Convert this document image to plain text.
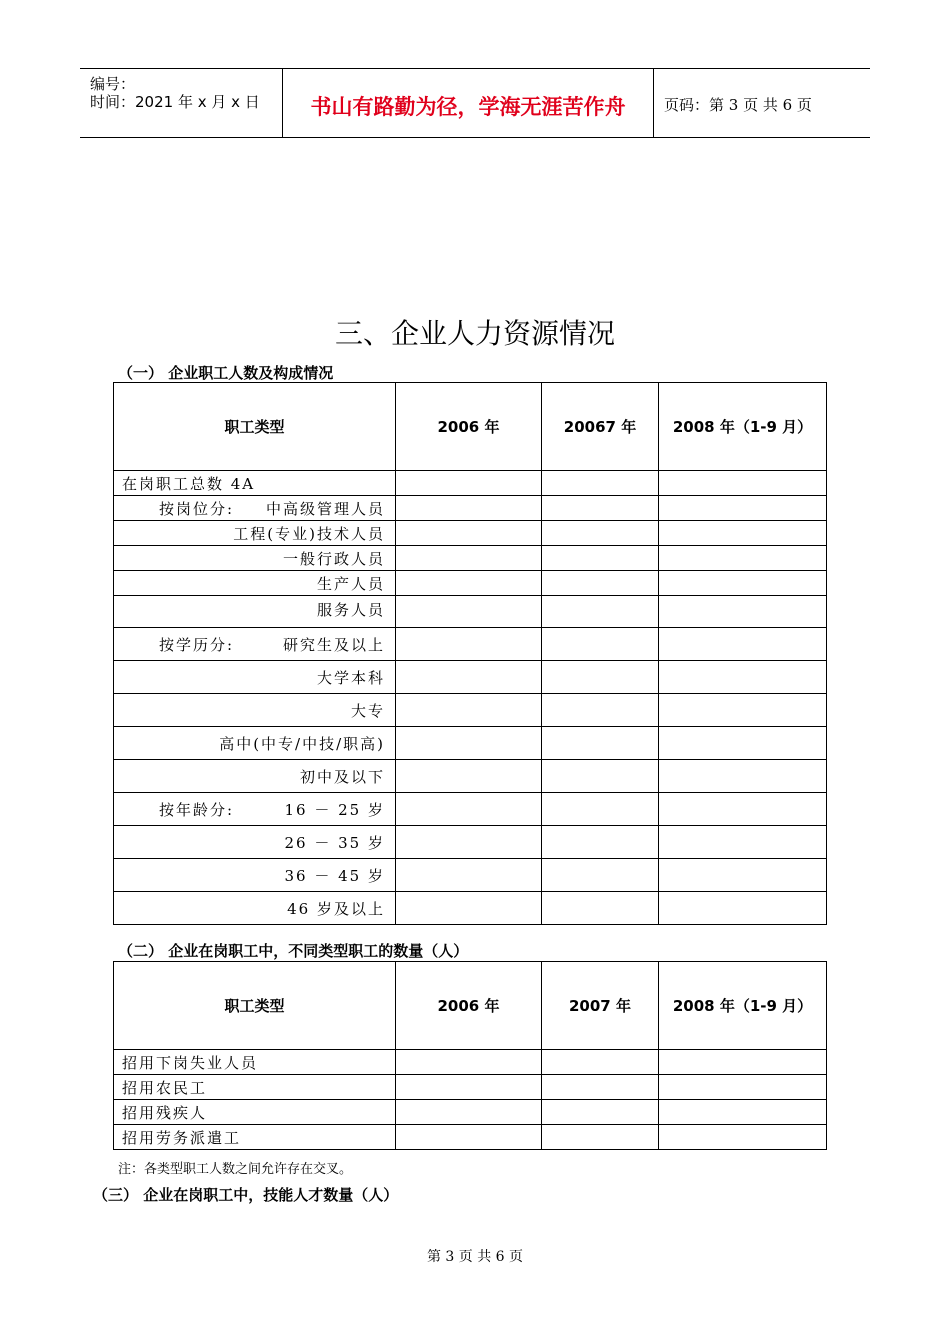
编号：
时间：2021 年 x 月 x 日	书山有路勤为径，学海无涯苦作舟	页码：第 3 页 共 6 页
三、企业人力资源情况
（一） 企业职工人数及构成情况
职工类型	2006 年	20067 年	2008 年（1-9 月）
在岗职工总数 4A			

按岗位分: 中高级管理人员			
工程(专业)技术人员			
一般行政人员			
生产人员			
服务人员			

按学历分: 研究生及以上			
大学本科			
大专			
高中(中专/中技/职高)			
初中及以下			

按年龄分: 16 － 25 岁			
26 － 35 岁			
36 － 45 岁			
46 岁及以上			
（二） 企业在岗职工中，不同类型职工的数量（人）
职工类型	2006 年	2007 年	2008 年（1-9 月）
招用下岗失业人员			
招用农民工			
招用残疾人			
招用劳务派遣工			
注：各类型职工人数之间允许存在交叉。
（三） 企业在岗职工中，技能人才数量（人）
第 3 页 共 6 页
